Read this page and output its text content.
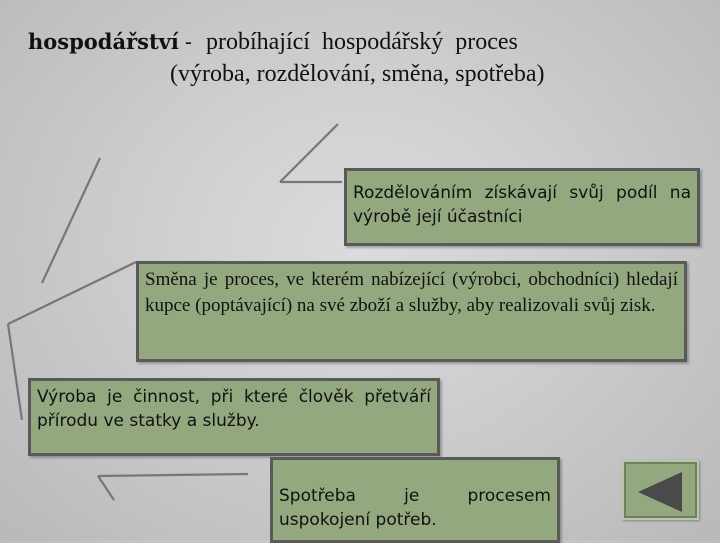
hospodářství - probíhající hospodářský proces
(výroba, rozdělování, směna, spotřeba)
Rozdělováním získávají svůj podíl na výrobě její účastníci
Směna je proces, ve kterém nabízející (výrobci, obchodníci) hledají kupce (poptávající) na své zboží a služby, aby realizovali svůj zisk.
Výroba je činnost, při které člověk přetváří přírodu ve statky a služby.
Spotřeba je procesem uspokojení potřeb.
